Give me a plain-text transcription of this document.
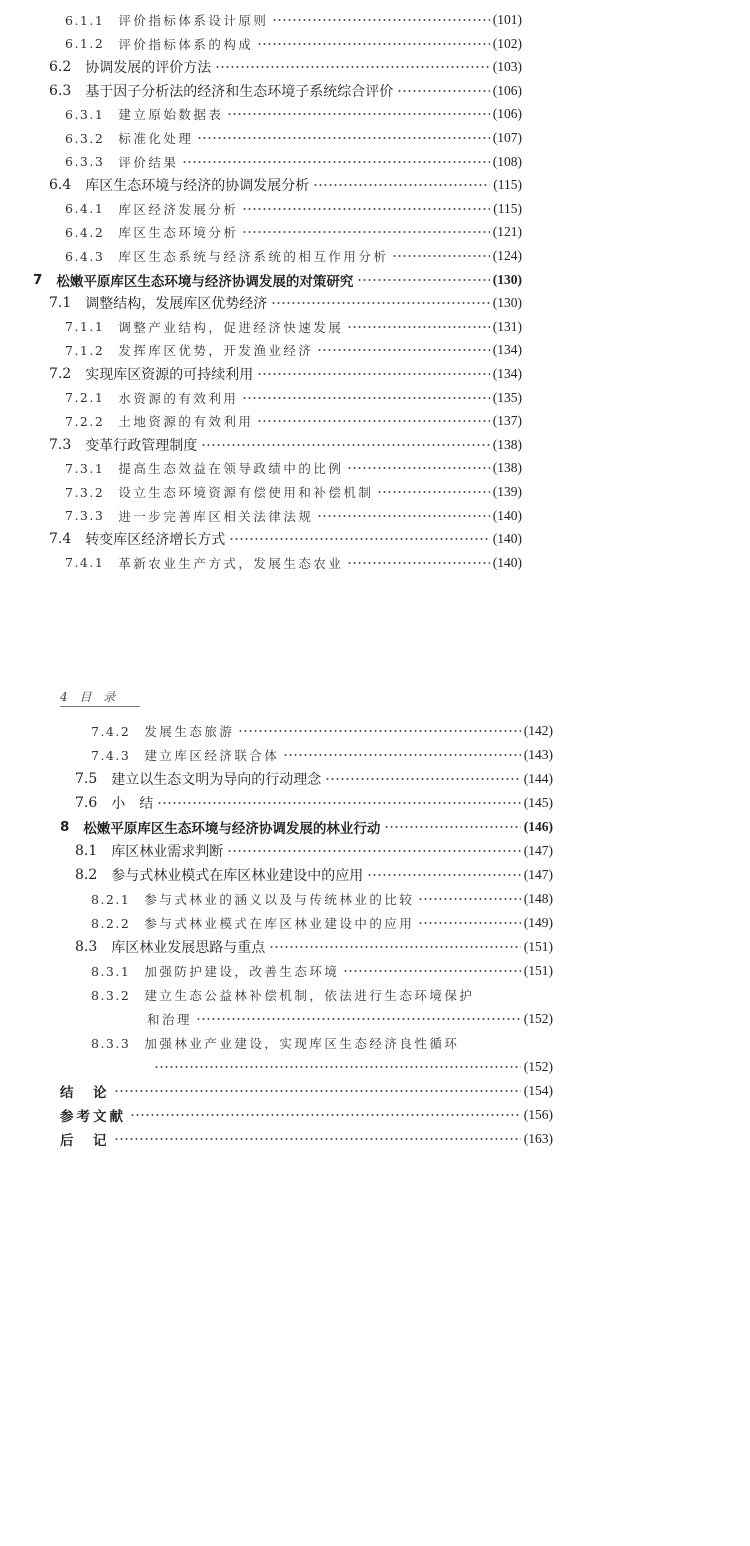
6.1.1	评价指标体系设计原则	(101)
6.1.2	评价指标体系的构成	(102)
6.2	协调发展的评价方法	(103)
6.3	基于因子分析法的经济和生态环境子系统综合评价	(106)
6.3.1	建立原始数据表	(106)
6.3.2	标准化处理	(107)
6.3.3	评价结果	(108)
6.4	库区生态环境与经济的协调发展分析	(115)
6.4.1	库区经济发展分析	(115)
6.4.2	库区生态环境分析	(121)
6.4.3	库区生态系统与经济系统的相互作用分析	(124)
7	松嫩平原库区生态环境与经济协调发展的对策研究	(130)
7.1	调整结构，发展库区优势经济	(130)
7.1.1	调整产业结构，促进经济快速发展	(131)
7.1.2	发挥库区优势，开发渔业经济	(134)
7.2	实现库区资源的可持续利用	(134)
7.2.1	水资源的有效利用	(135)
7.2.2	土地资源的有效利用	(137)
7.3	变革行政管理制度	(138)
7.3.1	提高生态效益在领导政绩中的比例	(138)
7.3.2	设立生态环境资源有偿使用和补偿机制	(139)
7.3.3	进一步完善库区相关法律法规	(140)
7.4	转变库区经济增长方式	(140)
7.4.1	革新农业生产方式，发展生态农业	(140)
4 目 录
7.4.2	发展生态旅游	(142)
7.4.3	建立库区经济联合体	(143)
7.5	建立以生态文明为导向的行动理念	(144)
7.6	小　结	(145)
8	松嫩平原库区生态环境与经济协调发展的林业行动	(146)
8.1	库区林业需求判断	(147)
8.2	参与式林业模式在库区林业建设中的应用	(147)
8.2.1	参与式林业的涵义以及与传统林业的比较	(148)
8.2.2	参与式林业模式在库区林业建设中的应用	(149)
8.3	库区林业发展思路与重点	(151)
8.3.1	加强防护建设，改善生态环境	(151)
8.3.2	建立生态公益林补偿机制，依法进行生态环境保护
和治理	(152)
8.3.3	加强林业产业建设，实现库区生态经济良性循环
(152)
结　论	(154)
参考文献	(156)
后　记	(163)
